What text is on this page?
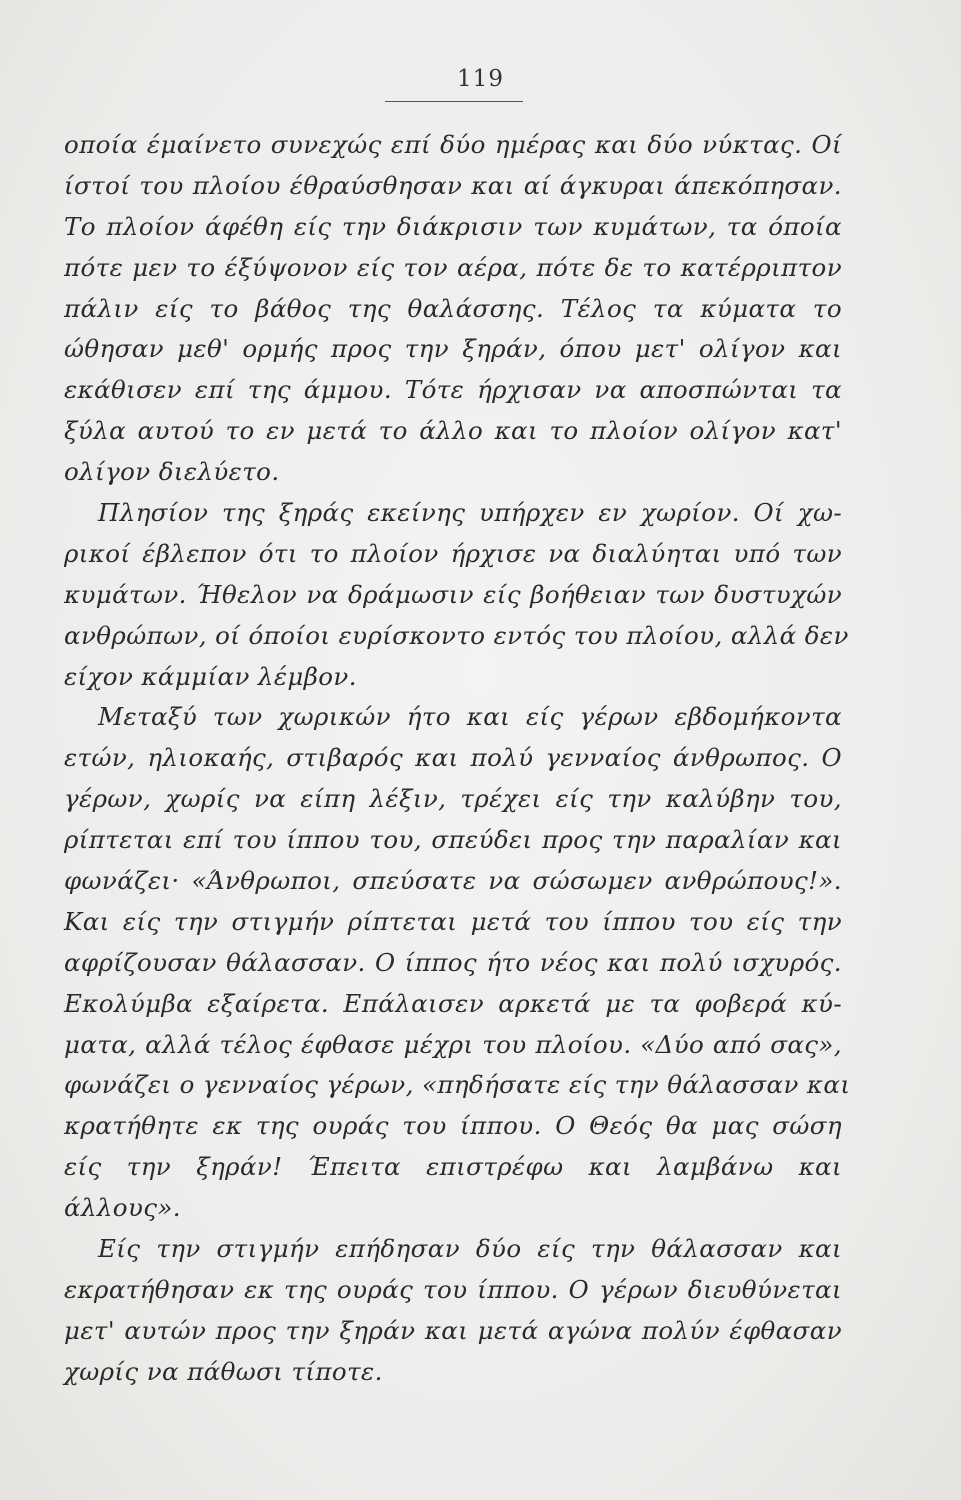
119
οποία έμαίνετο συνεχώς επί δύο ημέρας και δύο νύκτας. Οί
ίστοί του πλοίου έθραύσθησαν και αί άγκυραι άπεκόπησαν.
Το πλοίον άφέθη είς την διάκρισιν των κυμάτων, τα όποία
πότε μεν το έξύψονον είς τον αέρα, πότε δε το κατέρριπτον
πάλιν είς το βάθος της θαλάσσης. Τέλος τα κύματα το
ώθησαν μεθ' ορμής προς την ξηράν, όπου μετ' ολίγον και
εκάθισεν επί της άμμου. Τότε ήρχισαν να αποσπώνται τα
ξύλα αυτού το εν μετά το άλλο και το πλοίον ολίγον κατ'
ολίγον διελύετο.
Πλησίον της ξηράς εκείνης υπήρχεν εν χωρίον. Οί χω-
ρικοί έβλεπον ότι το πλοίον ήρχισε να διαλύηται υπό των
κυμάτων. Ήθελον να δράμωσιν είς βοήθειαν των δυστυχών
ανθρώπων, οί όποίοι ευρίσκοντο εντός του πλοίου, αλλά δεν
είχον κάμμίαν λέμβον.
Μεταξύ των χωρικών ήτο και είς γέρων εβδομήκοντα
ετών, ηλιοκαής, στιβαρός και πολύ γενναίος άνθρωπος. Ο
γέρων, χωρίς να είπη λέξιν, τρέχει είς την καλύβην του,
ρίπτεται επί του ίππου του, σπεύδει προς την παραλίαν και
φωνάζει· «Άνθρωποι, σπεύσατε να σώσωμεν ανθρώπους!».
Και είς την στιγμήν ρίπτεται μετά του ίππου του είς την
αφρίζουσαν θάλασσαν. Ο ίππος ήτο νέος και πολύ ισχυρός.
Εκολύμβα εξαίρετα. Επάλαισεν αρκετά με τα φοβερά κύ-
ματα, αλλά τέλος έφθασε μέχρι του πλοίου. «Δύο από σας»,
φωνάζει ο γενναίος γέρων, «πηδήσατε είς την θάλασσαν και
κρατήθητε εκ της ουράς του ίππου. Ο Θεός θα μας σώση
είς την ξηράν! Έπειτα επιστρέφω και λαμβάνω και
άλλους».
Είς την στιγμήν επήδησαν δύο είς την θάλασσαν και
εκρατήθησαν εκ της ουράς του ίππου. Ο γέρων διευθύνεται
μετ' αυτών προς την ξηράν και μετά αγώνα πολύν έφθασαν
χωρίς να πάθωσι τίποτε.
